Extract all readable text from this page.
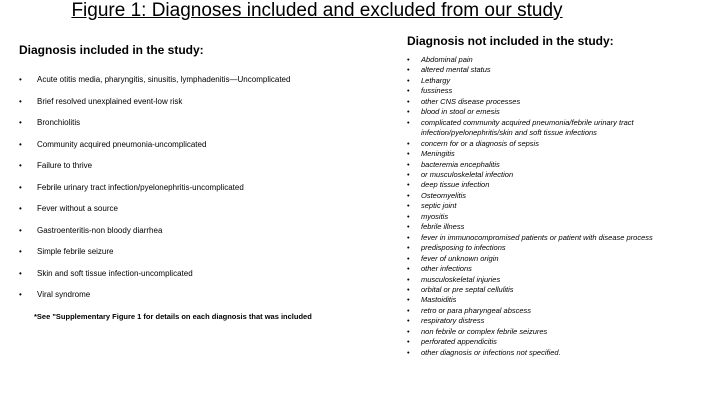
Figure 1: Diagnoses included and excluded from our study
Diagnosis included in the study:
• Acute otitis media, pharyngitis, sinusitis, lymphadenitis—Uncomplicated
• Brief resolved unexplained event-low risk
• Bronchiolitis
• Community acquired pneumonia-uncomplicated
• Failure to thrive
• Febrile urinary tract infection/pyelonephritis-uncomplicated
• Fever without a source
• Gastroenteritis-non bloody diarrhea
• Simple febrile seizure
• Skin and soft tissue infection-uncomplicated
• Viral syndrome
*See "Supplementary Figure 1 for details on each diagnosis that was included
Diagnosis not included in the study:
• Abdominal pain
• altered mental status
• Lethargy
• fussiness
• other CNS disease processes
• blood in stool or emesis
• complicated community acquired pneumonia/febrile urinary tract
infection/pyelonephritis/skin and soft tissue infections
• concern for or a diagnosis of sepsis
• Meningitis
• bacteremia encephalitis
• or musculoskeletal infection
• deep tissue infection
• Osteomyelitis
• septic joint
• myositis
• febrile illness
• fever in immunocompromised patients or patient with disease process
• predisposing to infections
• fever of unknown origin
• other infections
• musculoskeletal injuries
• orbital or pre septal cellulitis
• Mastoiditis
• retro or para pharyngeal abscess
• respiratory distress
• non febrile or complex febrile seizures
• perforated appendicitis
• other diagnosis or infections not specified.
